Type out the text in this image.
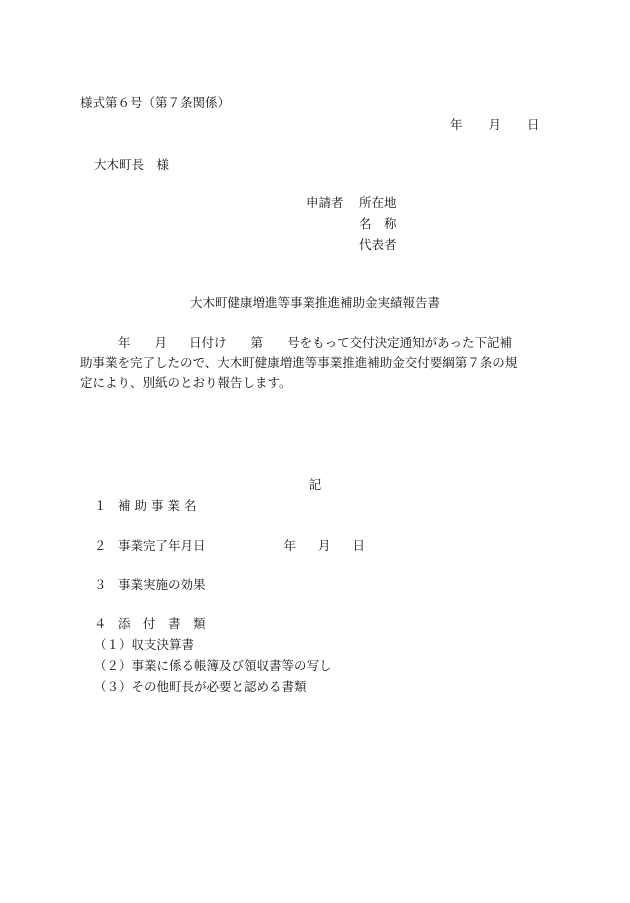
様式第６号（第７条関係）
年 月 日
大木町長　様
申請者 所在地
名　称
代表者
大木町健康増進等事業推進補助金実績報告書
年 月 日付け 第 号をもって交付決定通知があった下記補
助事業を完了したので、大木町健康増進等事業推進補助金交付要綱第７条の規
定により、別紙のとおり報告します。
記
１ 補 助 事 業 名
２ 事業完了年月日	年 月 日
３ 事業実施の効果
４ 添　付　書　類
（１）収支決算書
（２）事業に係る帳簿及び領収書等の写し
（３）その他町長が必要と認める書類
